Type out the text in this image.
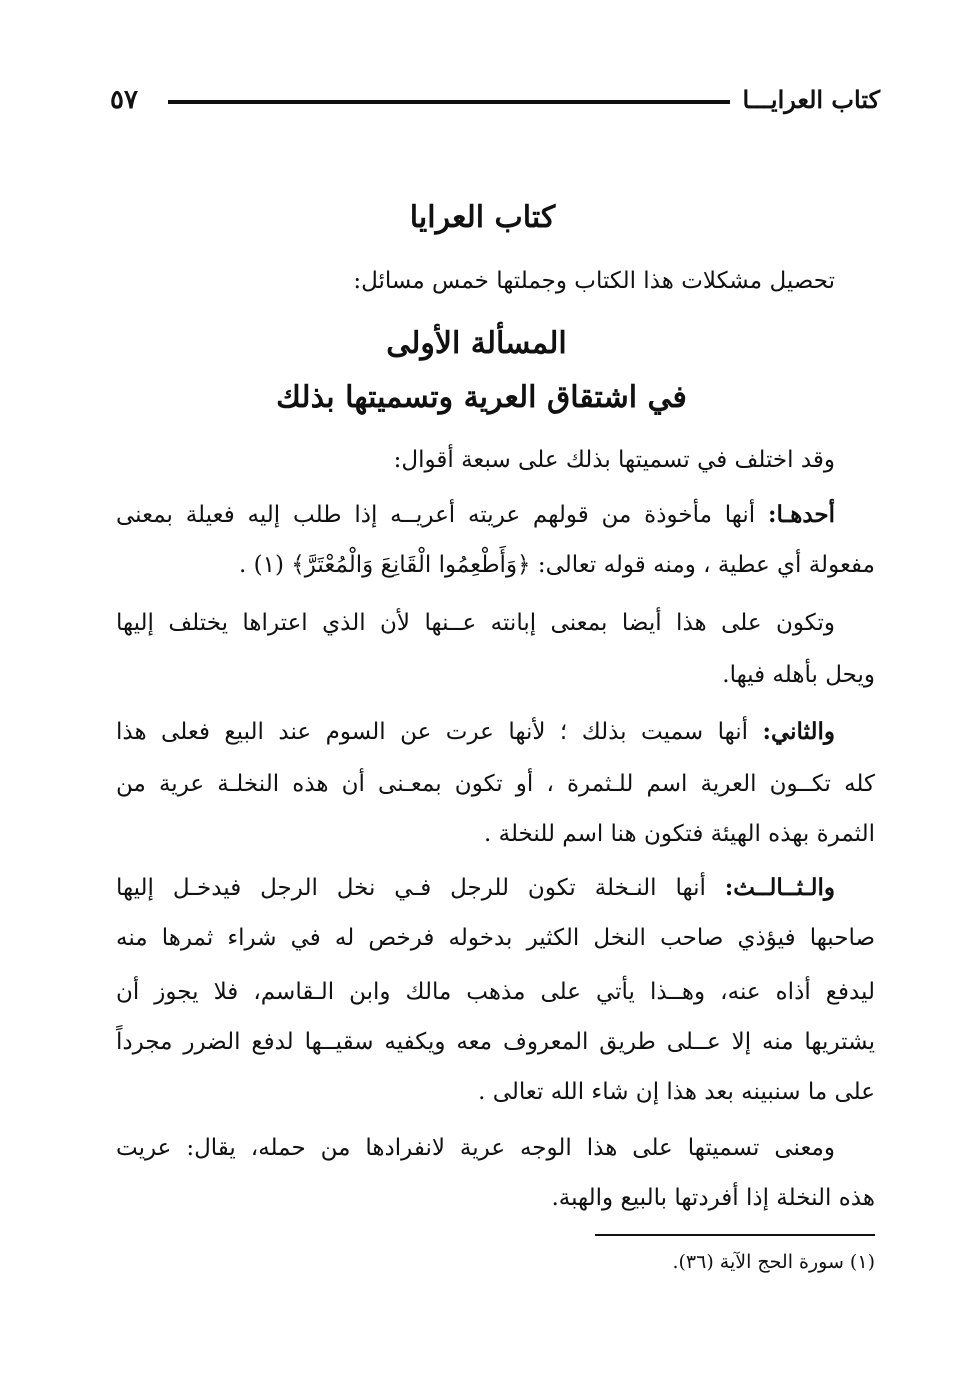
كتاب العرايـــا
٥٧
كتاب العرايا
تحصيل مشكلات هذا الكتاب وجملتها خمس مسائل:
المسألة الأولى
في اشتقاق العرية وتسميتها بذلك
وقد اختلف في تسميتها بذلك على سبعة أقوال:
أحدهـا: أنها مأخوذة من قولهم عريته أعريــه إذا طلب إليه فعيلة بمعنى
مفعولة أي عطية ، ومنه قوله تعالى: ﴿وَأَطْعِمُوا الْقَانِعَ وَالْمُعْتَرَّ﴾ (١) .
وتكون على هذا أيضا بمعنى إبانته عــنها لأن الذي اعتراها يختلف إليها
ويحل بأهله فيها.
والثاني: أنها سميت بذلك ؛ لأنها عرت عن السوم عند البيع فعلى هذا
كله تكــون العرية اسم للـثمرة ، أو تكون بمعـنى أن هذه النخلـة عرية من
الثمرة بهذه الهيئة فتكون هنا اسم للنخلة .
والـثــالــث: أنها النـخلة تكون للرجل فـي نخل الرجل فيدخـل إليها
صاحبها فيؤذي صاحب النخل الكثير بدخوله فرخص له في شراء ثمرها منه
ليدفع أذاه عنه، وهــذا يأتي على مذهب مالك وابن الـقاسم، فلا يجوز أن
يشتريها منه إلا عــلى طريق المعروف معه ويكفيه سقيــها لدفع الضرر مجرداً
على ما سنبينه بعد هذا إن شاء الله تعالى .
ومعنى تسميتها على هذا الوجه عرية لانفرادها من حمله، يقال: عريت
هذه النخلة إذا أفردتها بالبيع والهبة.
(١) سورة الحج الآية (٣٦).
